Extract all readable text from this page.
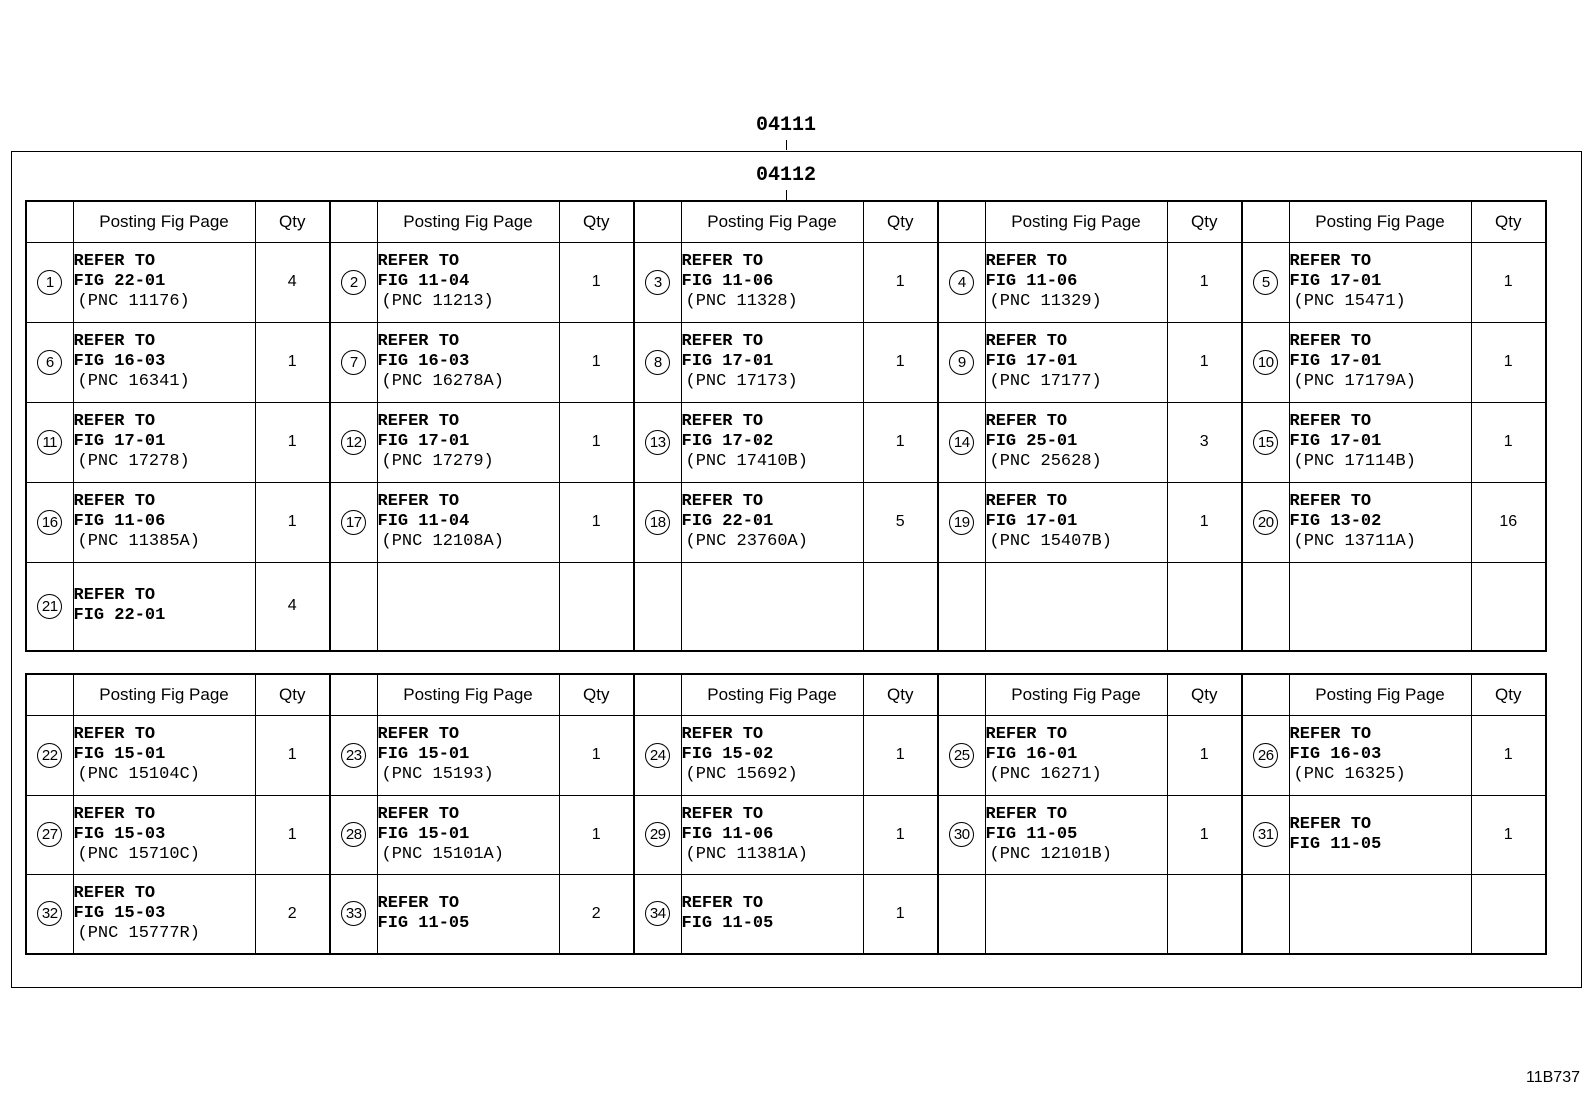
04111
04112
	Posting Fig Page	Qty		Posting Fig Page	Qty		Posting Fig Page	Qty		Posting Fig Page	Qty		Posting Fig Page	Qty
1	REFER TO
FIG 22-01
(PNC 11176)	4	2	REFER TO
FIG 11-04
(PNC 11213)	1	3	REFER TO
FIG 11-06
(PNC 11328)	1	4	REFER TO
FIG 11-06
(PNC 11329)	1	5	REFER TO
FIG 17-01
(PNC 15471)	1
6	REFER TO
FIG 16-03
(PNC 16341)	1	7	REFER TO
FIG 16-03
(PNC 16278A)	1	8	REFER TO
FIG 17-01
(PNC 17173)	1	9	REFER TO
FIG 17-01
(PNC 17177)	1	10	REFER TO
FIG 17-01
(PNC 17179A)	1
11	REFER TO
FIG 17-01
(PNC 17278)	1	12	REFER TO
FIG 17-01
(PNC 17279)	1	13	REFER TO
FIG 17-02
(PNC 17410B)	1	14	REFER TO
FIG 25-01
(PNC 25628)	3	15	REFER TO
FIG 17-01
(PNC 17114B)	1
16	REFER TO
FIG 11-06
(PNC 11385A)	1	17	REFER TO
FIG 11-04
(PNC 12108A)	1	18	REFER TO
FIG 22-01
(PNC 23760A)	5	19	REFER TO
FIG 17-01
(PNC 15407B)	1	20	REFER TO
FIG 13-02
(PNC 13711A)	16
21	REFER TO
FIG 22-01	4												
	Posting Fig Page	Qty		Posting Fig Page	Qty		Posting Fig Page	Qty		Posting Fig Page	Qty		Posting Fig Page	Qty
22	REFER TO
FIG 15-01
(PNC 15104C)	1	23	REFER TO
FIG 15-01
(PNC 15193)	1	24	REFER TO
FIG 15-02
(PNC 15692)	1	25	REFER TO
FIG 16-01
(PNC 16271)	1	26	REFER TO
FIG 16-03
(PNC 16325)	1
27	REFER TO
FIG 15-03
(PNC 15710C)	1	28	REFER TO
FIG 15-01
(PNC 15101A)	1	29	REFER TO
FIG 11-06
(PNC 11381A)	1	30	REFER TO
FIG 11-05
(PNC 12101B)	1	31	REFER TO
FIG 11-05	1
32	REFER TO
FIG 15-03
(PNC 15777R)	2	33	REFER TO
FIG 11-05	2	34	REFER TO
FIG 11-05	1						
11B737
